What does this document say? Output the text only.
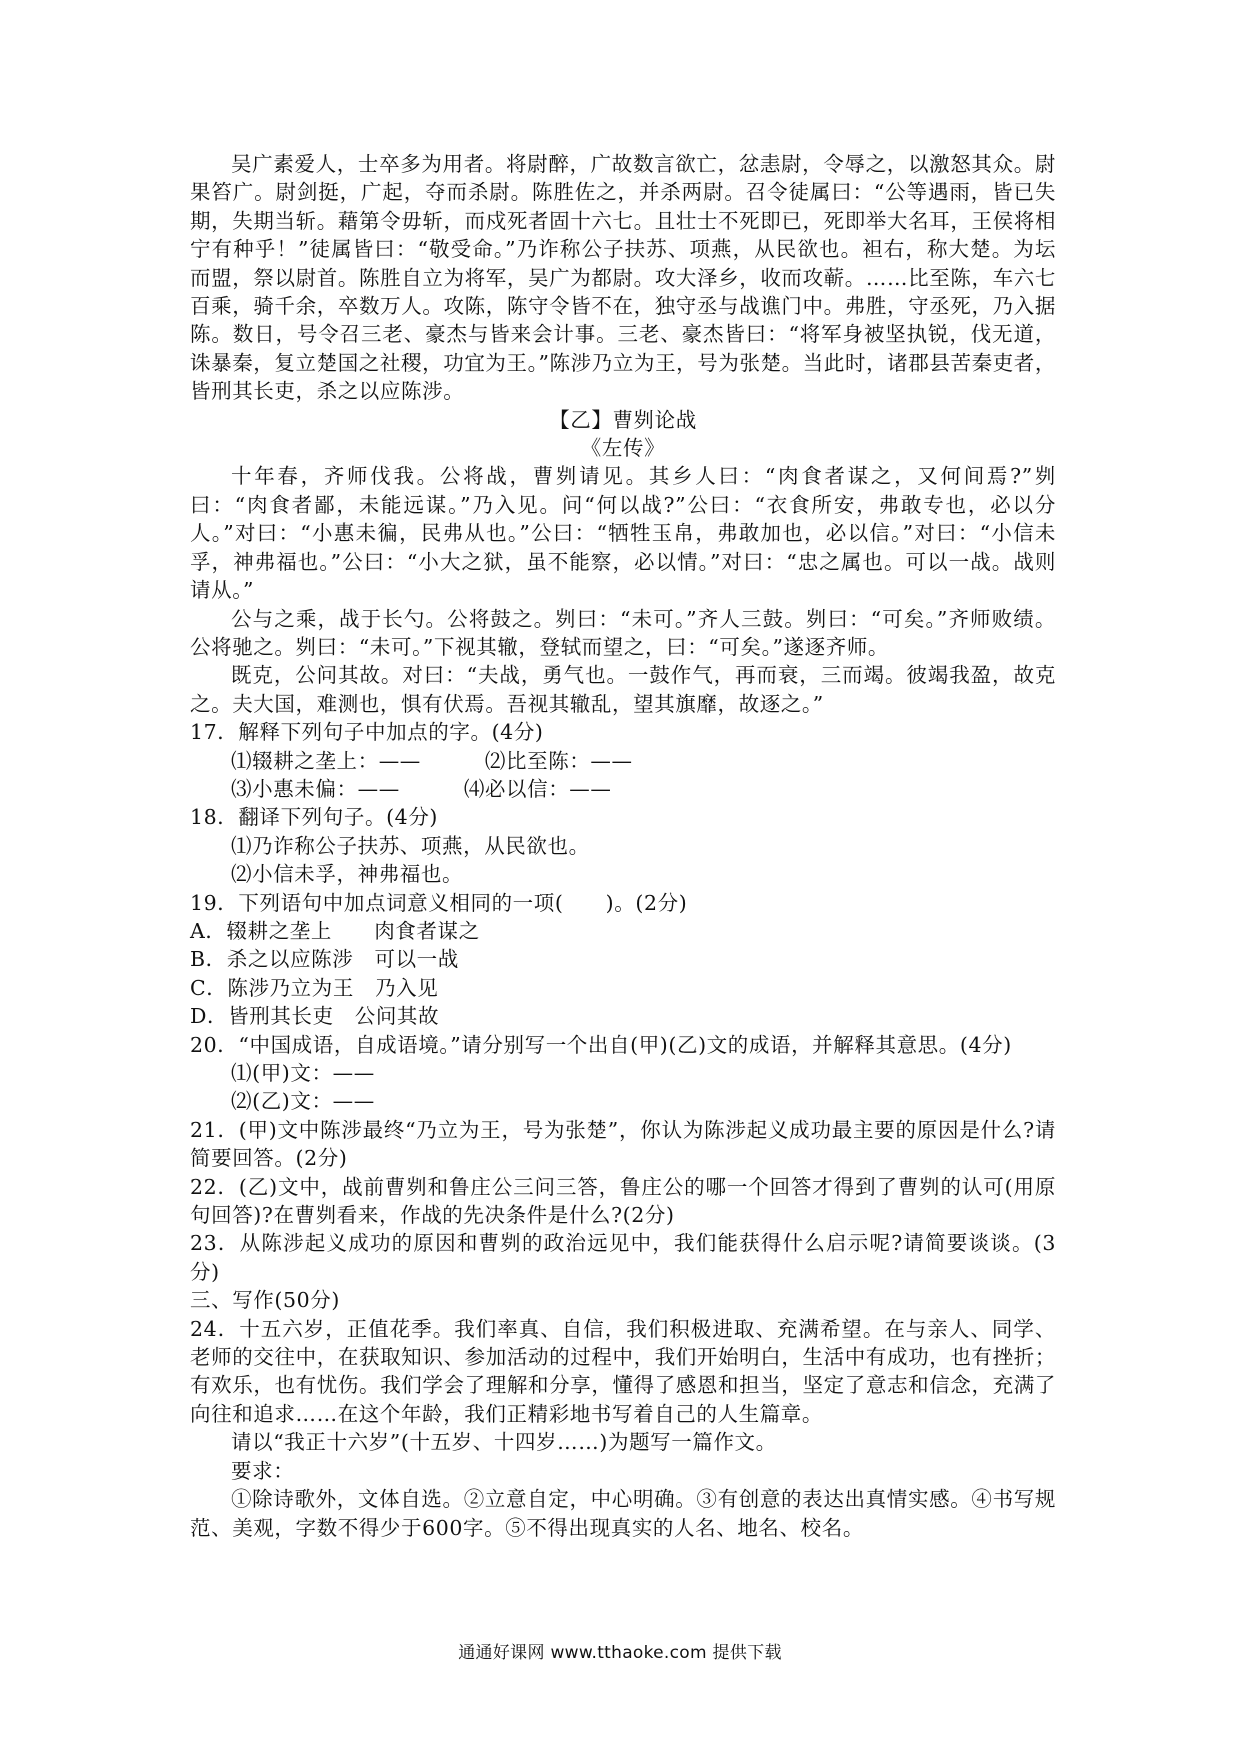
吴广素爱人，士卒多为用者。将尉醉，广故数言欲亡，忿恚尉，令辱之，以激怒其众。尉果笞广。尉剑挺，广起，夺而杀尉。陈胜佐之，并杀两尉。召令徒属曰：“公等遇雨，皆已失期，失期当斩。藉第令毋斩，而戍死者固十六七。且壮士不死即已，死即举大名耳，王侯将相宁有种乎！”徒属皆曰：“敬受命。”乃诈称公子扶苏、项燕，从民欲也。袒右，称大楚。为坛而盟，祭以尉首。陈胜自立为将军，吴广为都尉。攻大泽乡，收而攻蕲。……比至陈，车六七百乘，骑千余，卒数万人。攻陈，陈守令皆不在，独守丞与战谯门中。弗胜，守丞死，乃入据陈。数日，号令召三老、豪杰与皆来会计事。三老、豪杰皆曰：“将军身被坚执锐，伐无道，诛暴秦，复立楚国之社稷，功宜为王。”陈涉乃立为王，号为张楚。当此时，诸郡县苦秦吏者，皆刑其长吏，杀之以应陈涉。

【乙】曹刿论战

《左传》

十年春，齐师伐我。公将战，曹刿请见。其乡人曰：“肉食者谋之，又何间焉?”刿曰：“肉食者鄙，未能远谋。”乃入见。问“何以战?”公曰：“衣食所安，弗敢专也，必以分人。”对曰：“小惠未徧，民弗从也。”公曰：“牺牲玉帛，弗敢加也，必以信。”对曰：“小信未孚，神弗福也。”公曰：“小大之狱，虽不能察，必以情。”对曰：“忠之属也。可以一战。战则请从。”

公与之乘，战于长勺。公将鼓之。刿曰：“未可。”齐人三鼓。刿曰：“可矣。”齐师败绩。公将驰之。刿曰：“未可。”下视其辙，登轼而望之，曰：“可矣。”遂逐齐师。

既克，公问其故。对曰：“夫战，勇气也。一鼓作气，再而衰，三而竭。彼竭我盈，故克之。夫大国，难测也，惧有伏焉。吾视其辙乱，望其旗靡，故逐之。”

17．解释下列句子中加点的字。(4分)

⑴辍耕之垄上：——	⑵比至陈：——

⑶小惠未偏：——	⑷必以信：——

18．翻译下列句子。(4分)

⑴乃诈称公子扶苏、项燕，从民欲也。

⑵小信未孚，神弗福也。

19．下列语句中加点词意义相同的一项(　　)。(2分)

A．辍耕之垄上　　肉食者谋之

B．杀之以应陈涉　可以一战

C．陈涉乃立为王　乃入见

D．皆刑其长吏　公问其故

20．“中国成语，自成语境。”请分别写一个出自(甲)(乙)文的成语，并解释其意思。(4分)

⑴(甲)文：——

⑵(乙)文：——

21．(甲)文中陈涉最终“乃立为王，号为张楚”，你认为陈涉起义成功最主要的原因是什么?请简要回答。(2分)

22．(乙)文中，战前曹刿和鲁庄公三问三答，鲁庄公的哪一个回答才得到了曹刿的认可(用原句回答)?在曹刿看来，作战的先决条件是什么?(2分)

23．从陈涉起义成功的原因和曹刿的政治远见中，我们能获得什么启示呢?请简要谈谈。(3分)

三、写作(50分)

24．十五六岁，正值花季。我们率真、自信，我们积极进取、充满希望。在与亲人、同学、老师的交往中，在获取知识、参加活动的过程中，我们开始明白，生活中有成功，也有挫折；有欢乐，也有忧伤。我们学会了理解和分享，懂得了感恩和担当，坚定了意志和信念，充满了向往和追求……在这个年龄，我们正精彩地书写着自己的人生篇章。

请以“我正十六岁”(十五岁、十四岁……)为题写一篇作文。

要求：

①除诗歌外，文体自选。②立意自定，中心明确。③有创意的表达出真情实感。④书写规范、美观，字数不得少于600字。⑤不得出现真实的人名、地名、校名。

通通好课网 www.tthaoke.com 提供下载
